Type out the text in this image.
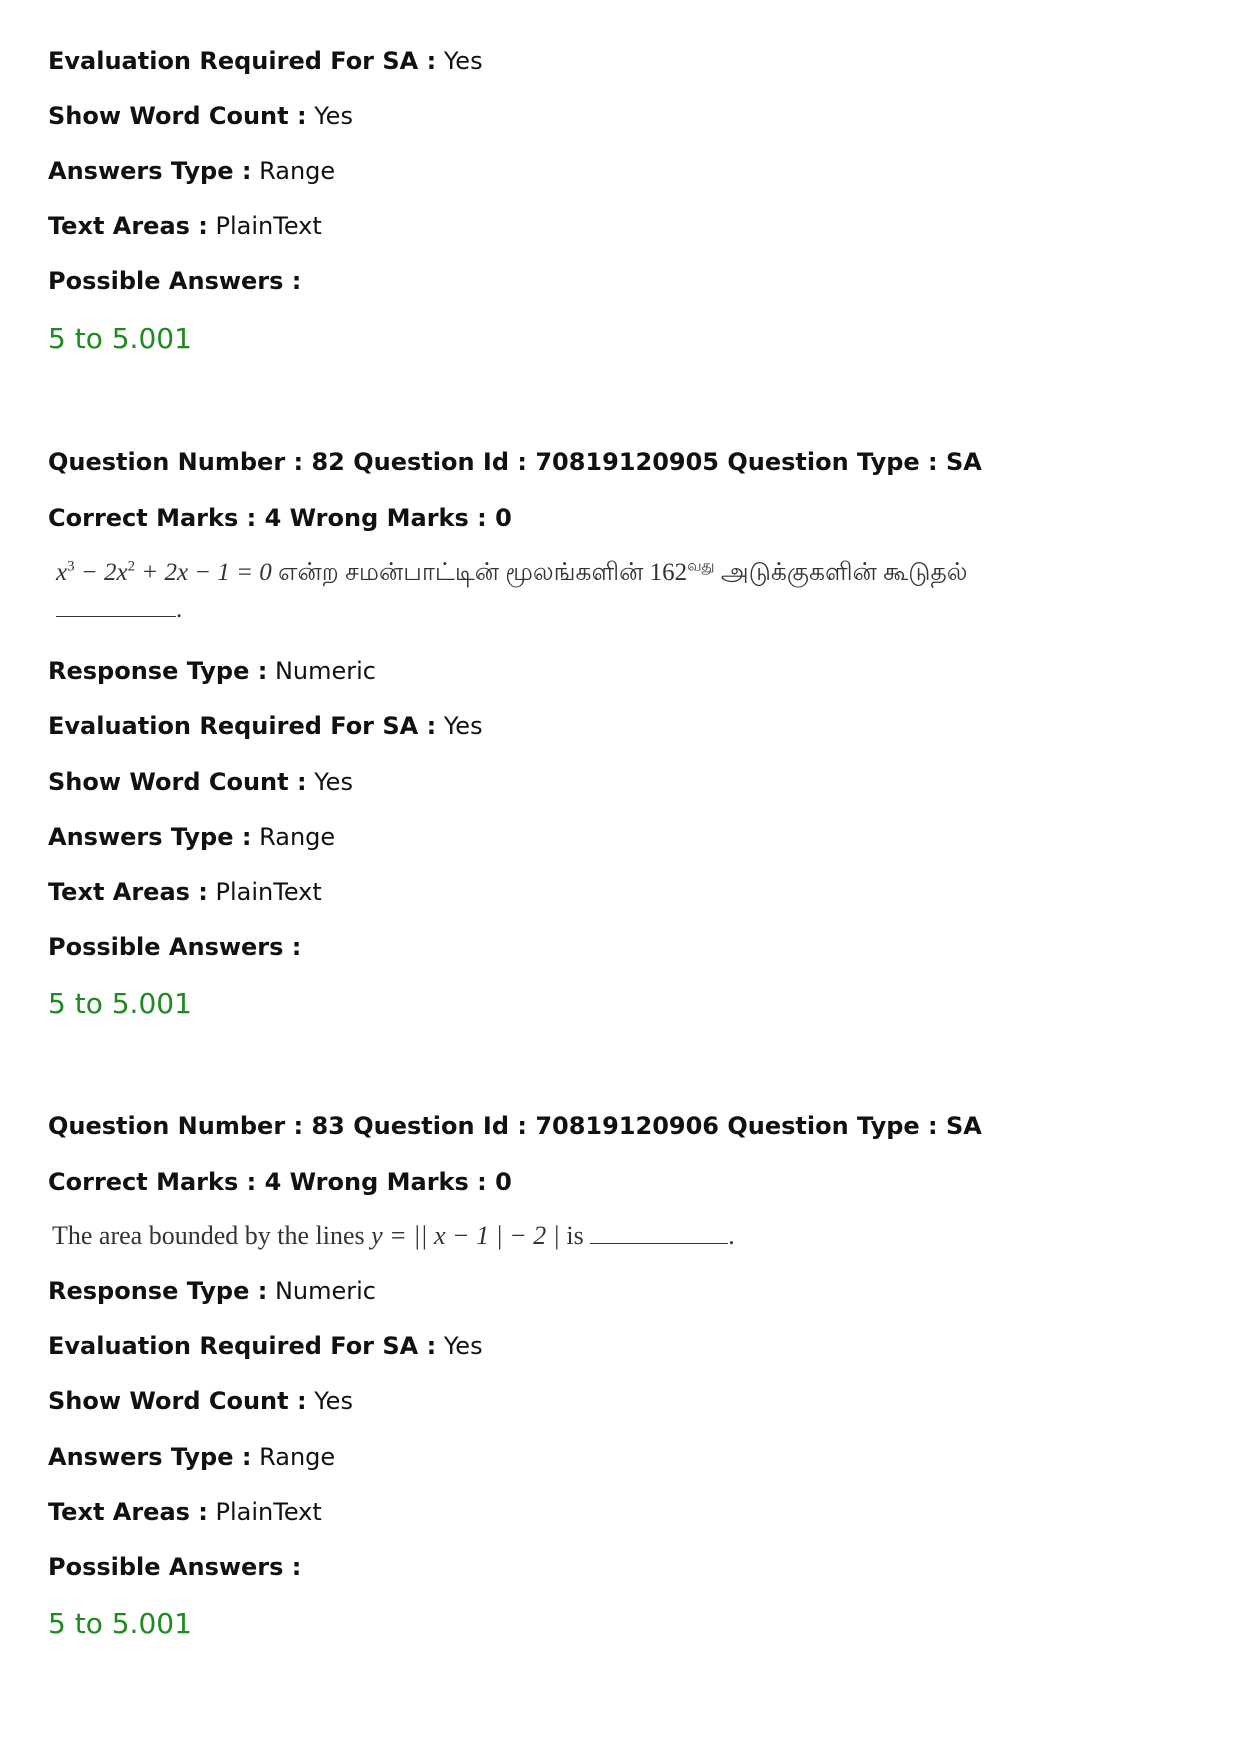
Evaluation Required For SA : Yes
Show Word Count : Yes
Answers Type : Range
Text Areas : PlainText
Possible Answers :
5 to 5.001
Question Number : 82 Question Id : 70819120905 Question Type : SA
Correct Marks : 4 Wrong Marks : 0
$x^3 - 2x^2 + 2x - 1 = 0$ என்ற சமன்பாட்டின் மூலங்களின் $162^{வது}$ அடுக்குகளின் கூடுதல்
.
Response Type : Numeric
Evaluation Required For SA : Yes
Show Word Count : Yes
Answers Type : Range
Text Areas : PlainText
Possible Answers :
5 to 5.001
Question Number : 83 Question Id : 70819120906 Question Type : SA
Correct Marks : 4 Wrong Marks : 0
The area bounded by the lines y = || x − 1 | − 2 | is	.
Response Type : Numeric
Evaluation Required For SA : Yes
Show Word Count : Yes
Answers Type : Range
Text Areas : PlainText
Possible Answers :
5 to 5.001
